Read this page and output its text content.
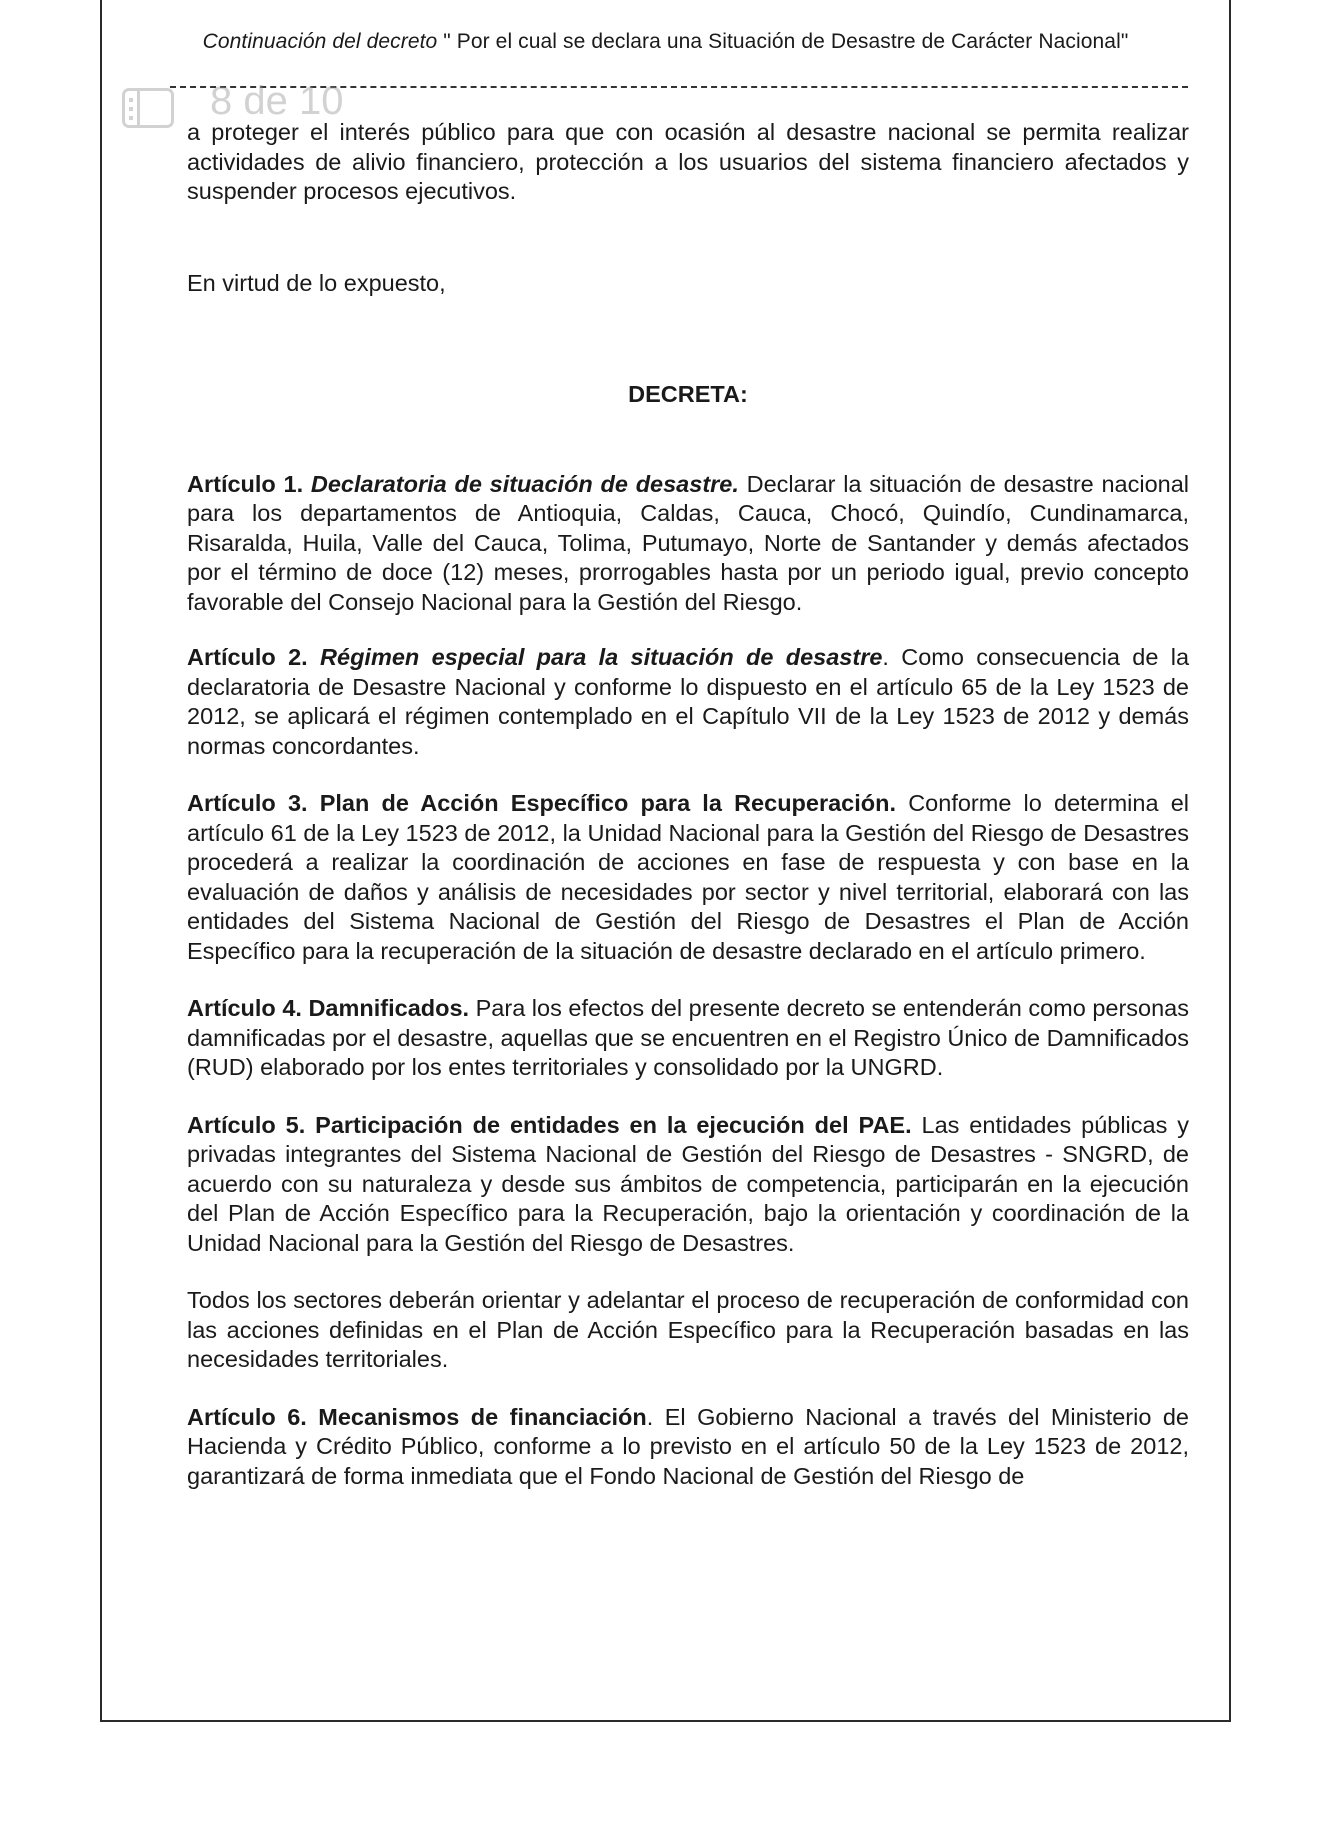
Continuación del decreto " Por el cual se declara una Situación de Desastre de Carácter Nacional"
8 de 10

a proteger el interés público para que con ocasión al desastre nacional se permita realizar actividades de alivio financiero, protección a los usuarios del sistema financiero afectados y suspender procesos ejecutivos.

En virtud de lo expuesto,

DECRETA:

Artículo 1. Declaratoria de situación de desastre. Declarar la situación de desastre nacional para los departamentos de Antioquia, Caldas, Cauca, Chocó, Quindío, Cundinamarca, Risaralda, Huila, Valle del Cauca, Tolima, Putumayo, Norte de Santander y demás afectados por el término de doce (12) meses, prorrogables hasta por un periodo igual, previo concepto favorable del Consejo Nacional para la Gestión del Riesgo.

Artículo 2. Régimen especial para la situación de desastre. Como consecuencia de la declaratoria de Desastre Nacional y conforme lo dispuesto en el artículo 65 de la Ley 1523 de 2012, se aplicará el régimen contemplado en el Capítulo VII de la Ley 1523 de 2012 y demás normas concordantes.

Artículo 3. Plan de Acción Específico para la Recuperación. Conforme lo determina el artículo 61 de la Ley 1523 de 2012, la Unidad Nacional para la Gestión del Riesgo de Desastres procederá a realizar la coordinación de acciones en fase de respuesta y con base en la evaluación de daños y análisis de necesidades por sector y nivel territorial, elaborará con las entidades del Sistema Nacional de Gestión del Riesgo de Desastres el Plan de Acción Específico para la recuperación de la situación de desastre declarado en el artículo primero.

Artículo 4. Damnificados. Para los efectos del presente decreto se entenderán como personas damnificadas por el desastre, aquellas que se encuentren en el Registro Único de Damnificados (RUD) elaborado por los entes territoriales y consolidado por la UNGRD.

Artículo 5. Participación de entidades en la ejecución del PAE. Las entidades públicas y privadas integrantes del Sistema Nacional de Gestión del Riesgo de Desastres - SNGRD, de acuerdo con su naturaleza y desde sus ámbitos de competencia, participarán en la ejecución del Plan de Acción Específico para la Recuperación, bajo la orientación y coordinación de la Unidad Nacional para la Gestión del Riesgo de Desastres.

Todos los sectores deberán orientar y adelantar el proceso de recuperación de conformidad con las acciones definidas en el Plan de Acción Específico para la Recuperación basadas en las necesidades territoriales.

Artículo 6. Mecanismos de financiación. El Gobierno Nacional a través del Ministerio de Hacienda y Crédito Público, conforme a lo previsto en el artículo 50 de la Ley 1523 de 2012, garantizará de forma inmediata que el Fondo Nacional de Gestión del Riesgo de
